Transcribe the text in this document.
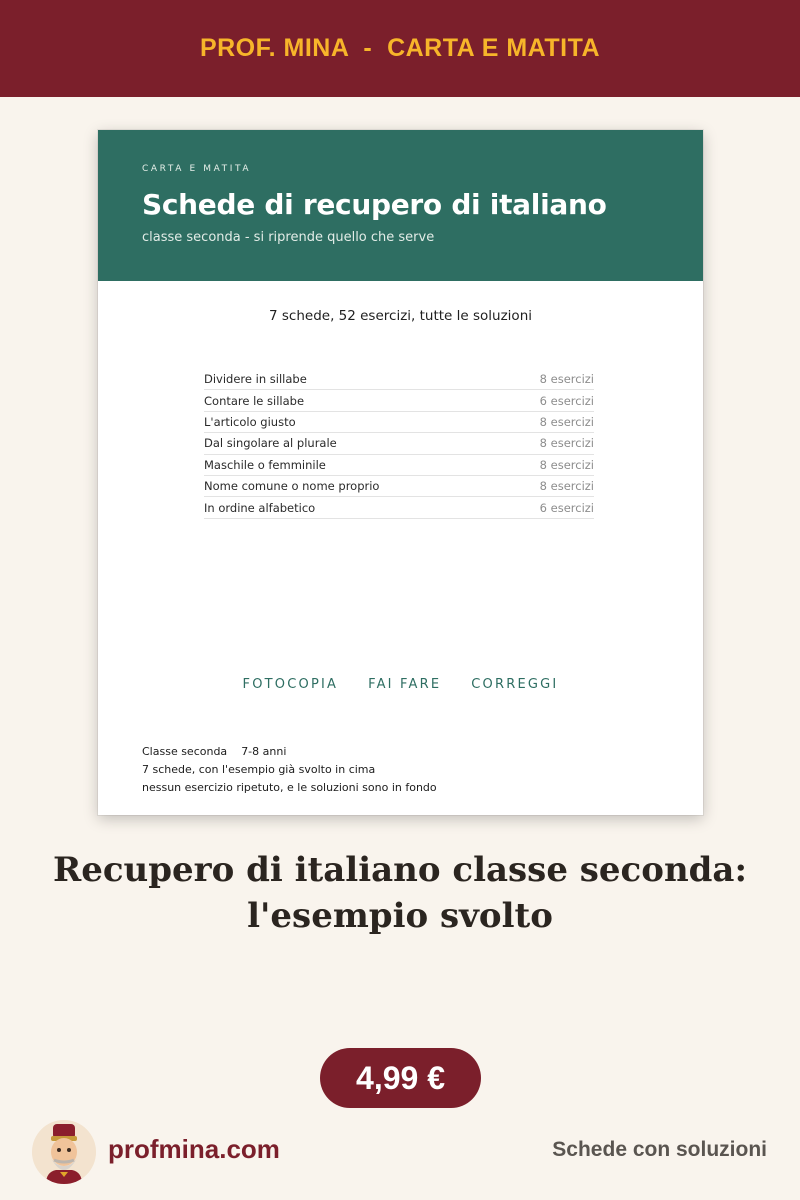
PROF. MINA  -  CARTA E MATITA
CARTA E MATITA
Schede di recupero di italiano
classe seconda - si riprende quello che serve
7 schede, 52 esercizi, tutte le soluzioni
Dividere in sillabe	8 esercizi
Contare le sillabe	6 esercizi
L'articolo giusto	8 esercizi
Dal singolare al plurale	8 esercizi
Maschile o femminile	8 esercizi
Nome comune o nome proprio	8 esercizi
In ordine alfabetico	6 esercizi
FOTOCOPIA FAI FARE CORREGGI
Classe seconda 7-8 anni
7 schede, con l'esempio già svolto in cima
nessun esercizio ripetuto, e le soluzioni sono in fondo
Recupero di italiano classe seconda:
l'esempio svolto
4,99 €
profmina.com	Schede con soluzioni
